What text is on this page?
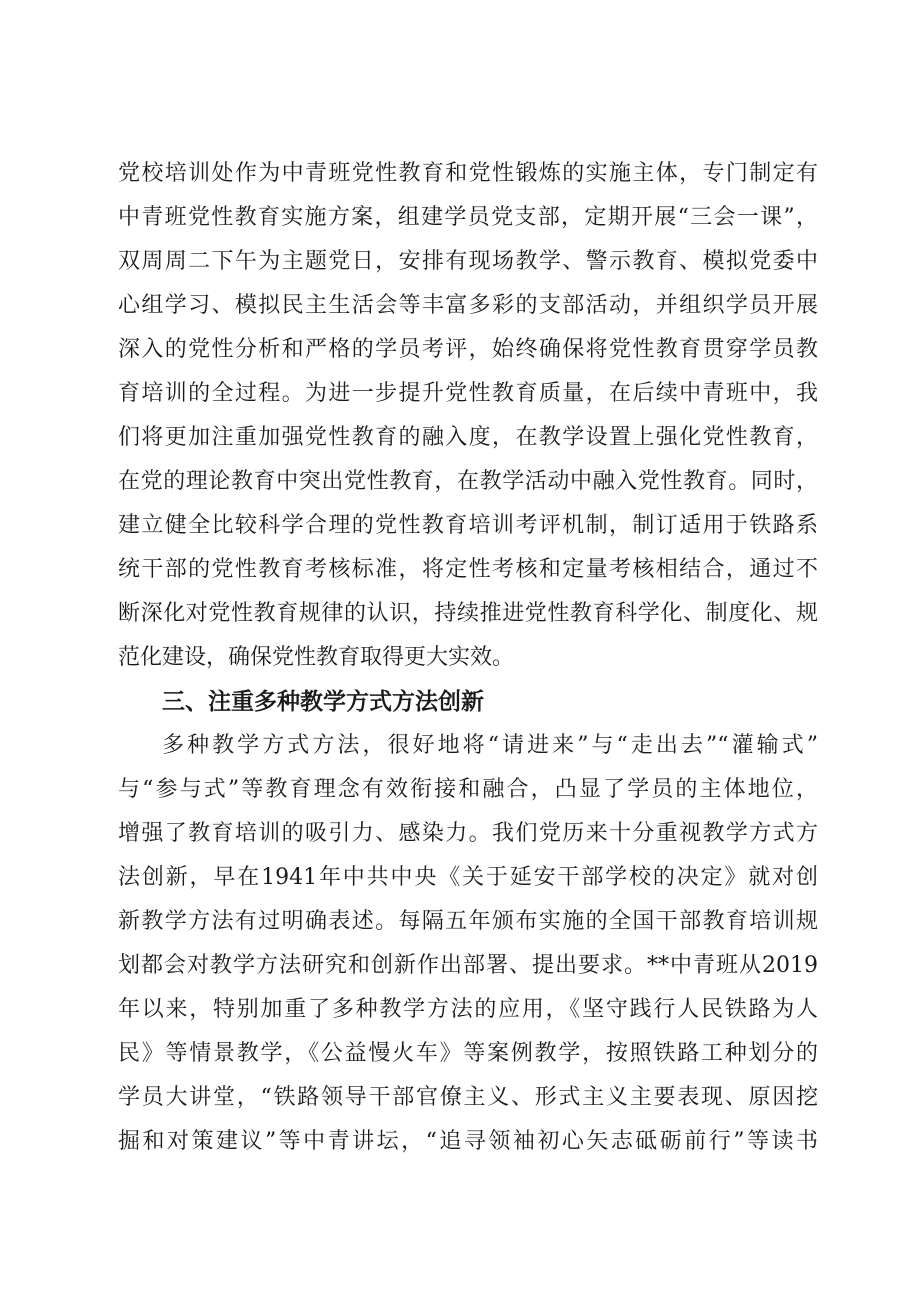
党校培训处作为中青班党性教育和党性锻炼的实施主体，专门制定有
中青班党性教育实施方案，组建学员党支部，定期开展“三会一课”，
双周周二下午为主题党日，安排有现场教学、警示教育、模拟党委中
心组学习、模拟民主生活会等丰富多彩的支部活动，并组织学员开展
深入的党性分析和严格的学员考评，始终确保将党性教育贯穿学员教
育培训的全过程。为进一步提升党性教育质量，在后续中青班中，我
们将更加注重加强党性教育的融入度，在教学设置上强化党性教育，
在党的理论教育中突出党性教育，在教学活动中融入党性教育。同时，
建立健全比较科学合理的党性教育培训考评机制，制订适用于铁路系
统干部的党性教育考核标准，将定性考核和定量考核相结合，通过不
断深化对党性教育规律的认识，持续推进党性教育科学化、制度化、规
范化建设，确保党性教育取得更大实效。
三、注重多种教学方式方法创新
多种教学方式方法，很好地将“请进来”与“走出去”“灌输式”
与“参与式”等教育理念有效衔接和融合，凸显了学员的主体地位，
增强了教育培训的吸引力、感染力。我们党历来十分重视教学方式方
法创新，早在1941年中共中央《关于延安干部学校的决定》就对创
新教学方法有过明确表述。每隔五年颁布实施的全国干部教育培训规
划都会对教学方法研究和创新作出部署、提出要求。**中青班从2019
年以来，特别加重了多种教学方法的应用，《坚守践行人民铁路为人
民》等情景教学，《公益慢火车》等案例教学，按照铁路工种划分的
学员大讲堂，“铁路领导干部官僚主义、形式主义主要表现、原因挖
掘和对策建议”等中青讲坛，“追寻领袖初心矢志砥砺前行”等读书
